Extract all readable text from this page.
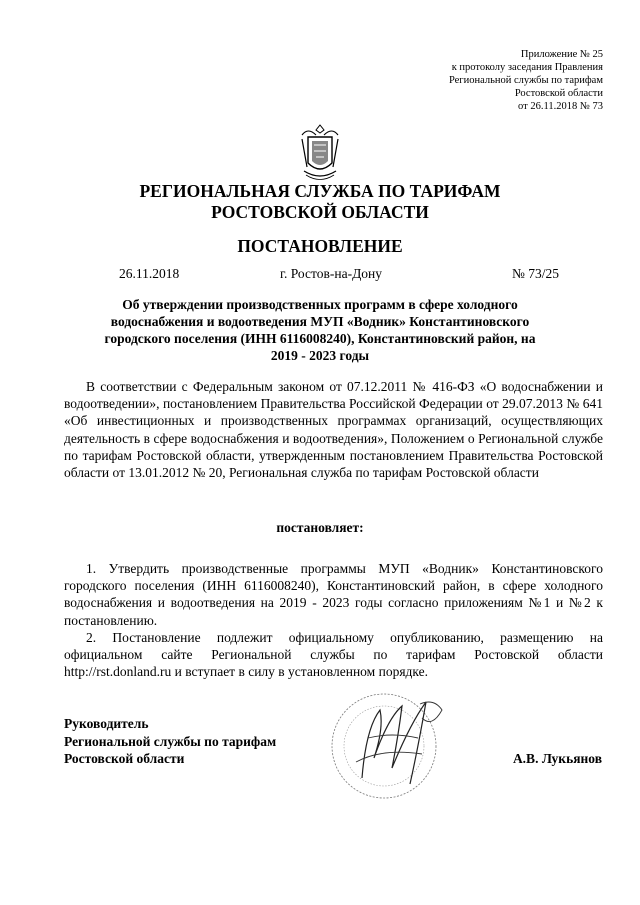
Приложение № 25
к протоколу заседания Правления
Региональной службы по тарифам
Ростовской области
от 26.11.2018 № 73
РЕГИОНАЛЬНАЯ СЛУЖБА ПО ТАРИФАМ
РОСТОВСКОЙ ОБЛАСТИ
ПОСТАНОВЛЕНИЕ
26.11.2018	г. Ростов-на-Дону	№ 73/25
Об утверждении производственных программ в сфере холодного водоснабжения и водоотведения МУП «Водник» Константиновского городского поселения (ИНН 6116008240), Константиновский район, на 2019 - 2023 годы

В соответствии с Федеральным законом от 07.12.2011 № 416-ФЗ «О водоснабжении и водоотведении», постановлением Правительства Российской Федерации от 29.07.2013 № 641 «Об инвестиционных и производственных программах организаций, осуществляющих деятельность в сфере водоснабжения и водоотведения», Положением о Региональной службе по тарифам Ростовской области, утвержденным постановлением Правительства Ростовской области от 13.01.2012 № 20, Региональная служба по тарифам Ростовской области

постановляет:

1. Утвердить производственные программы МУП «Водник» Константиновского городского поселения (ИНН 6116008240), Константиновский район, в сфере холодного водоснабжения и водоотведения на 2019 - 2023 годы согласно приложениям №1 и №2 к постановлению.

2. Постановление подлежит официальному опубликованию, размещению на официальном сайте Региональной службы по тарифам Ростовской области http://rst.donland.ru и вступает в силу в установленном порядке.

Руководитель
Региональной службы по тарифам
Ростовской области	А.В. Лукьянов
